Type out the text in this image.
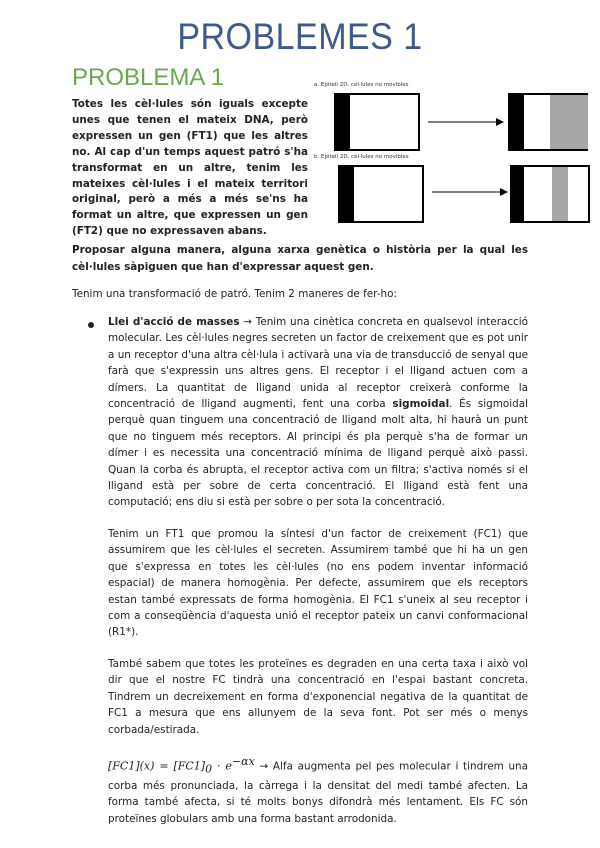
PROBLEMES 1
PROBLEMA 1
Totes les cèl·lules són iguals excepte unes que tenen el mateix DNA, però expressen un gen (FT1) que les altres no. Al cap d'un temps aquest patró s'ha transformat en un altre, tenim les mateixes cèl·lules i el mateix territori original, però a més a més se'ns ha format un altre, que expressen un gen (FT2) que no expressaven abans.
a. Epiteli 2D, cèl·lules no movibles
b. Epiteli 2D, cèl·lules no movibles
Proposar alguna manera, alguna xarxa genètica o història per la qual les cèl·lules sàpiguen que han d'expressar aquest gen.
Tenim una transformació de patró. Tenim 2 maneres de fer-ho:
Llei d'acció de masses → Tenim una cinètica concreta en qualsevol interacció molecular. Les cèl·lules negres secreten un factor de creixement que es pot unir a un receptor d'una altra cèl·lula i activarà una via de transducció de senyal que farà que s'expressin uns altres gens. El receptor i el lligand actuen com a dímers. La quantitat de lligand unida al receptor creixerà conforme la concentració de lligand augmenti, fent una corba sigmoidal. És sigmoidal perquè quan tinguem una concentració de lligand molt alta, hi haurà un punt que no tinguem més receptors. Al principi és pla perquè s'ha de formar un dímer i es necessita una concentració mínima de lligand perquè això passi. Quan la corba és abrupta, el receptor activa com un filtra; s'activa només si el lligand està per sobre de certa concentració. El lligand està fent una computació; ens diu si està per sobre o per sota la concentració.
Tenim un FT1 que promou la síntesi d'un factor de creixement (FC1) que assumirem que les cèl·lules el secreten. Assumirem també que hi ha un gen que s'expressa en totes les cèl·lules (no ens podem inventar informació espacial) de manera homogènia. Per defecte, assumirem que els receptors estan també expressats de forma homogènia. El FC1 s'uneix al seu receptor i com a conseqüència d'aquesta unió el receptor pateix un canvi conformacional (R1*).
També sabem que totes les proteïnes es degraden en una certa taxa i això vol dir que el nostre FC tindrà una concentració en l'espai bastant concreta. Tindrem un decreixement en forma d'exponencial negativa de la quantitat de FC1 a mesura que ens allunyem de la seva font. Pot ser més o menys corbada/estirada.
$[FC1](x) = [FC1]_0 \cdot e^{-\alpha x}$ → Alfa augmenta pel pes molecular i tindrem una corba més pronunciada, la càrrega i la densitat del medi també afecten. La forma també afecta, si té molts bonys difondrà més lentament. Els FC són proteïnes globulars amb una forma bastant arrodonida.
